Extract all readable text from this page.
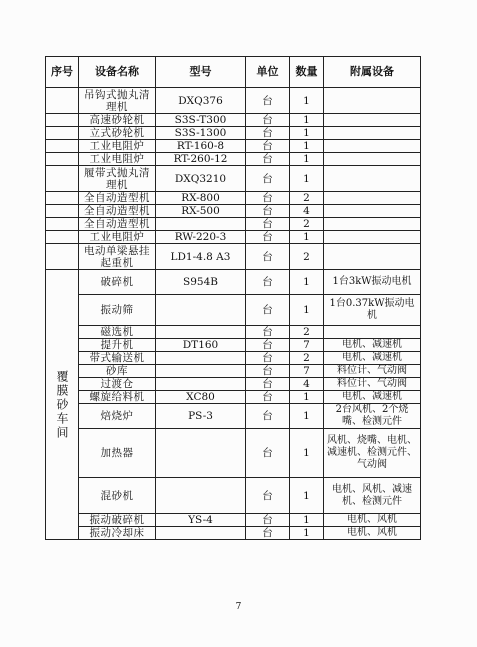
序号	设备名称	型号	单位	数量	附属设备
	吊钩式抛丸清理机	DXQ376	台	1	
	高速砂轮机	S3S-T300	台	1	
	立式砂轮机	S3S-1300	台	1	
	工业电阻炉	RT-160-8	台	1	
	工业电阻炉	RT-260-12	台	1	
	履带式抛丸清理机	DXQ3210	台	1	
	全自动造型机	RX-800	台	2	
	全自动造型机	RX-500	台	4	
	全自动造型机		台	2	
	工业电阻炉	RW-220-3	台	1	
	电动单梁悬挂起重机	LD1-4.8 A3	台	2	
覆膜砂车间	破碎机	S954B	台	1	1台3kW振动电机
	振动筛		台	1	1台0.37kW振动电机
	磁选机		台	2	
	提升机	DT160	台	7	电机、减速机
	带式输送机		台	2	电机、减速机
	砂库		台	7	料位计、气动阀
	过渡仓		台	4	料位计、气动阀
	螺旋给料机	XC80	台	1	电机、减速机
	焙烧炉	PS-3	台	1	2台风机、2个烧嘴、检测元件
	加热器		台	1	风机、烧嘴、电机、减速机、检测元件、气动阀
	混砂机		台	1	电机、风机、减速机、检测元件
	振动破碎机	YS-4	台	1	电机、风机
	振动冷却床		台	1	电机、风机
7
